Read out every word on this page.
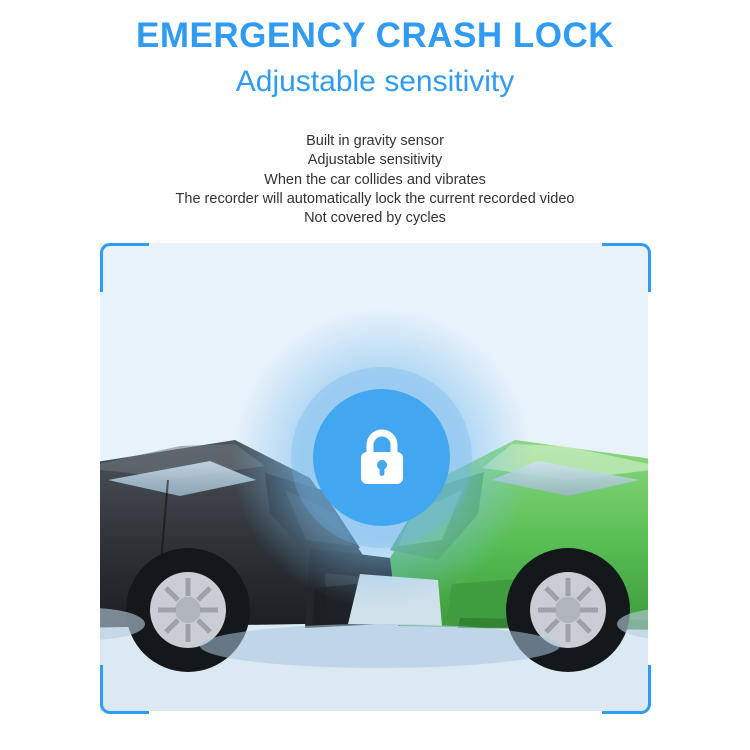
EMERGENCY CRASH LOCK
Adjustable sensitivity
Built in gravity sensor
Adjustable sensitivity
When the car collides and vibrates
The recorder will automatically lock the current recorded video
Not covered by cycles
